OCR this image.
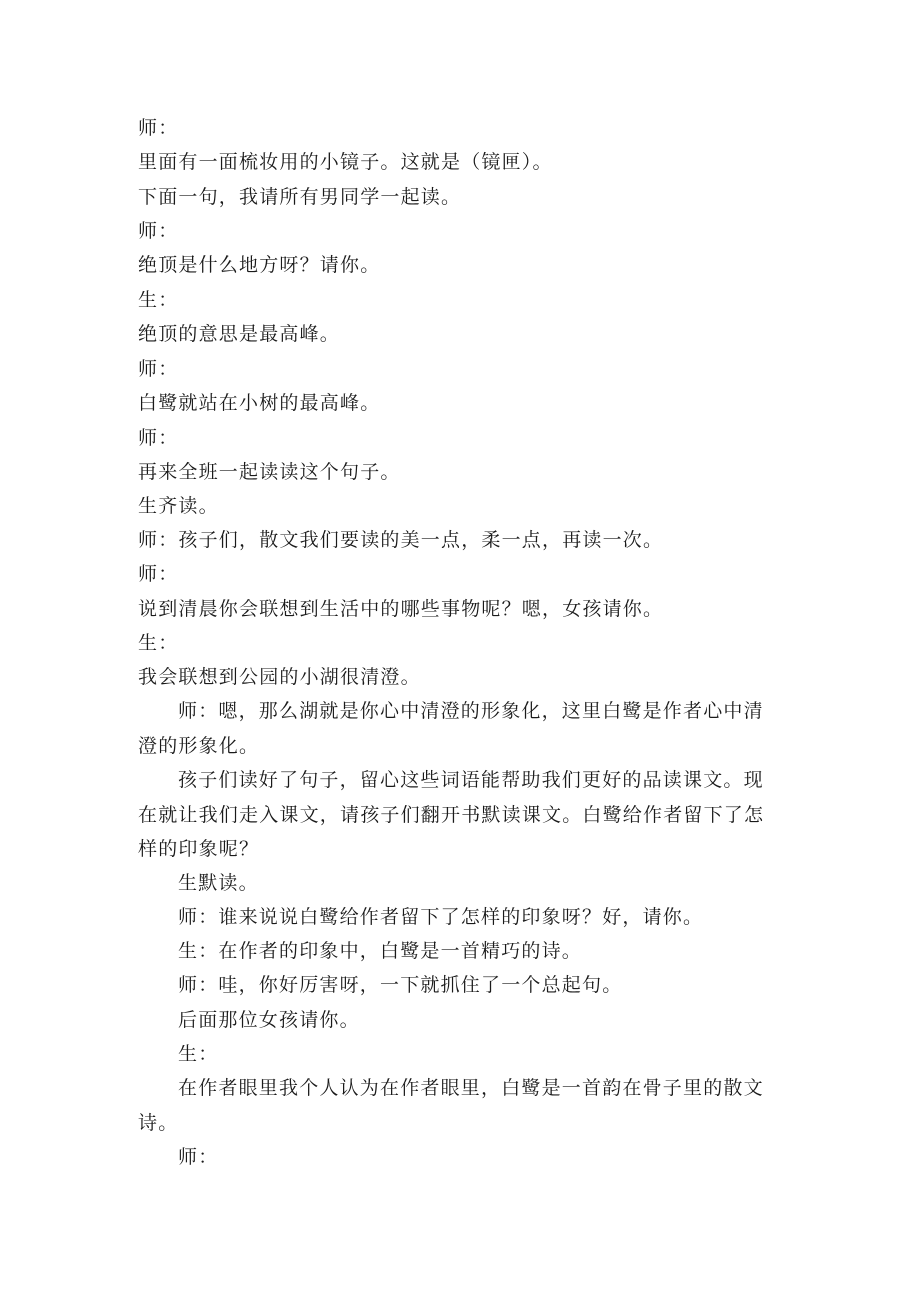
师：
里面有一面梳妆用的小镜子。这就是（镜匣）。
下面一句，我请所有男同学一起读。
师：
绝顶是什么地方呀？请你。
生：
绝顶的意思是最高峰。
师：
白鹭就站在小树的最高峰。
师：
再来全班一起读读这个句子。
生齐读。
师：孩子们，散文我们要读的美一点，柔一点，再读一次。
师：
说到清晨你会联想到生活中的哪些事物呢？嗯，女孩请你。
生：
我会联想到公园的小湖很清澄。
师：嗯，那么湖就是你心中清澄的形象化，这里白鹭是作者心中清澄的形象化。
孩子们读好了句子，留心这些词语能帮助我们更好的品读课文。现在就让我们走入课文，请孩子们翻开书默读课文。白鹭给作者留下了怎样的印象呢？
生默读。
师：谁来说说白鹭给作者留下了怎样的印象呀？好，请你。
生：在作者的印象中，白鹭是一首精巧的诗。
师：哇，你好厉害呀，一下就抓住了一个总起句。
后面那位女孩请你。
生：
在作者眼里我个人认为在作者眼里，白鹭是一首韵在骨子里的散文诗。
师：
